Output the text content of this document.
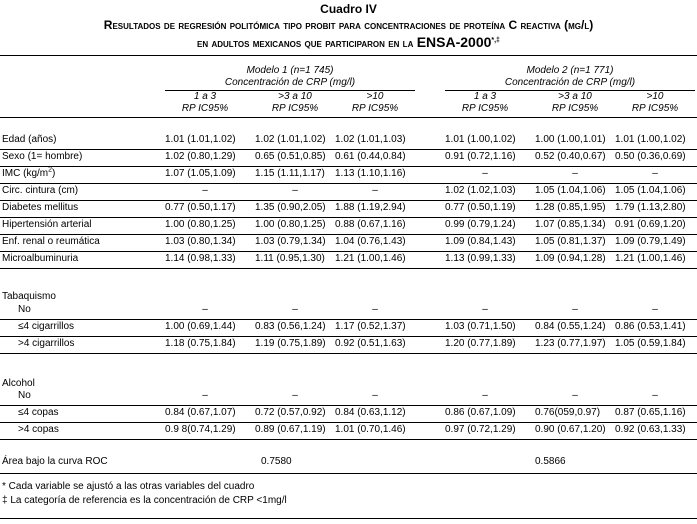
Cuadro IV
Resultados de regresión politómica tipo probit para concentraciones de proteína C reactiva (mg/l)
en adultos mexicanos que participaron en la ENSA-2000*,‡
Modelo 1 (n=1 745)
Concentración de CRP (mg/l)
Modelo 2 (n=1 771)
Concentración de CRP (mg/l)
1 a 3	>3 a 10	>10	1 a 3	>3 a 10	>10
RP IC95%	RP IC95%	RP IC95%	RP IC95%	RP IC95%	RP IC95%
Edad (años)	1.01 (1.01,1.02) 1.02 (1.01,1.02) 1.02 (1.01,1.03)	1.01 (1.00,1.02) 1.00 (1.00,1.01) 1.01 (1.00,1.02)
Sexo (1= hombre)	1.02 (0.80,1.29) 0.65 (0.51,0.85) 0.61 (0.44,0.84)	0.91 (0.72,1.16) 0.52 (0.40,0.67) 0.50 (0.36,0.69)
IMC $(kg/m^2)$	1.07 (1.05,1.09) 1.15 (1.11,1.17) 1.13 (1.10,1.16)	–	–	–
Circ. cintura (cm)	–	–	–	1.02 (1.02,1.03) 1.05 (1.04,1.06) 1.05 (1.04,1.06)
Diabetes mellitus	0.77 (0.50,1.17) 1.35 (0.90,2.05) 1.88 (1.19,2.94)	0.77 (0.50,1.19) 1.28 (0.85,1.95) 1.79 (1.13,2.80)
Hipertensión arterial	1.00 (0.80,1.25) 1.00 (0.80,1.25) 0.88 (0.67,1.16)	0.99 (0.79,1.24) 1.07 (0.85,1.34) 0.91 (0.69,1.20)
Enf. renal o reumática	1.03 (0.80,1.34) 1.03 (0.79,1.34) 1.04 (0.76,1.43)	1.09 (0.84,1.43) 1.05 (0.81,1.37) 1.09 (0.79,1.49)
Microalbuminuria	1.14 (0.98,1.33) 1.11 (0.95,1.30) 1.21 (1.00,1.46)	1.13 (0.99,1.33) 1.09 (0.94,1.28) 1.21 (1.00,1.46)
Tabaquismo
No	–	–	–	–	–	–
≤4 cigarrillos	1.00 (0.69,1.44) 0.83 (0.56,1.24) 1.17 (0.52,1.37)	1.03 (0.71,1.50) 0.84 (0.55,1.24) 0.86 (0.53,1.41)
>4 cigarrillos	1.18 (0.75,1.84) 1.19 (0.75,1.89) 0.92 (0.51,1.63)	1.20 (0.77,1.89) 1.23 (0.77,1.97) 1.05 (0.59,1.84)
Alcohol
No	–	–	–	–	–	–
≤4 copas	0.84 (0.67,1.07) 0.72 (0.57,0.92) 0.84 (0.63,1.12)	0.86 (0.67,1.09) 0.76(059,0.97) 0.87 (0.65,1.16)
>4 copas	0.9 8(0.74,1.29) 0.89 (0.67,1.19) 1.01 (0.70,1.46)	0.97 (0.72,1.29) 0.90 (0.67,1.20) 0.92 (0.63,1.33)
Área bajo la curva ROC	0.7580	0.5866
* Cada variable se ajustó a las otras variables del cuadro
‡ La categoría de referencia es la concentración de CRP <1mg/l
